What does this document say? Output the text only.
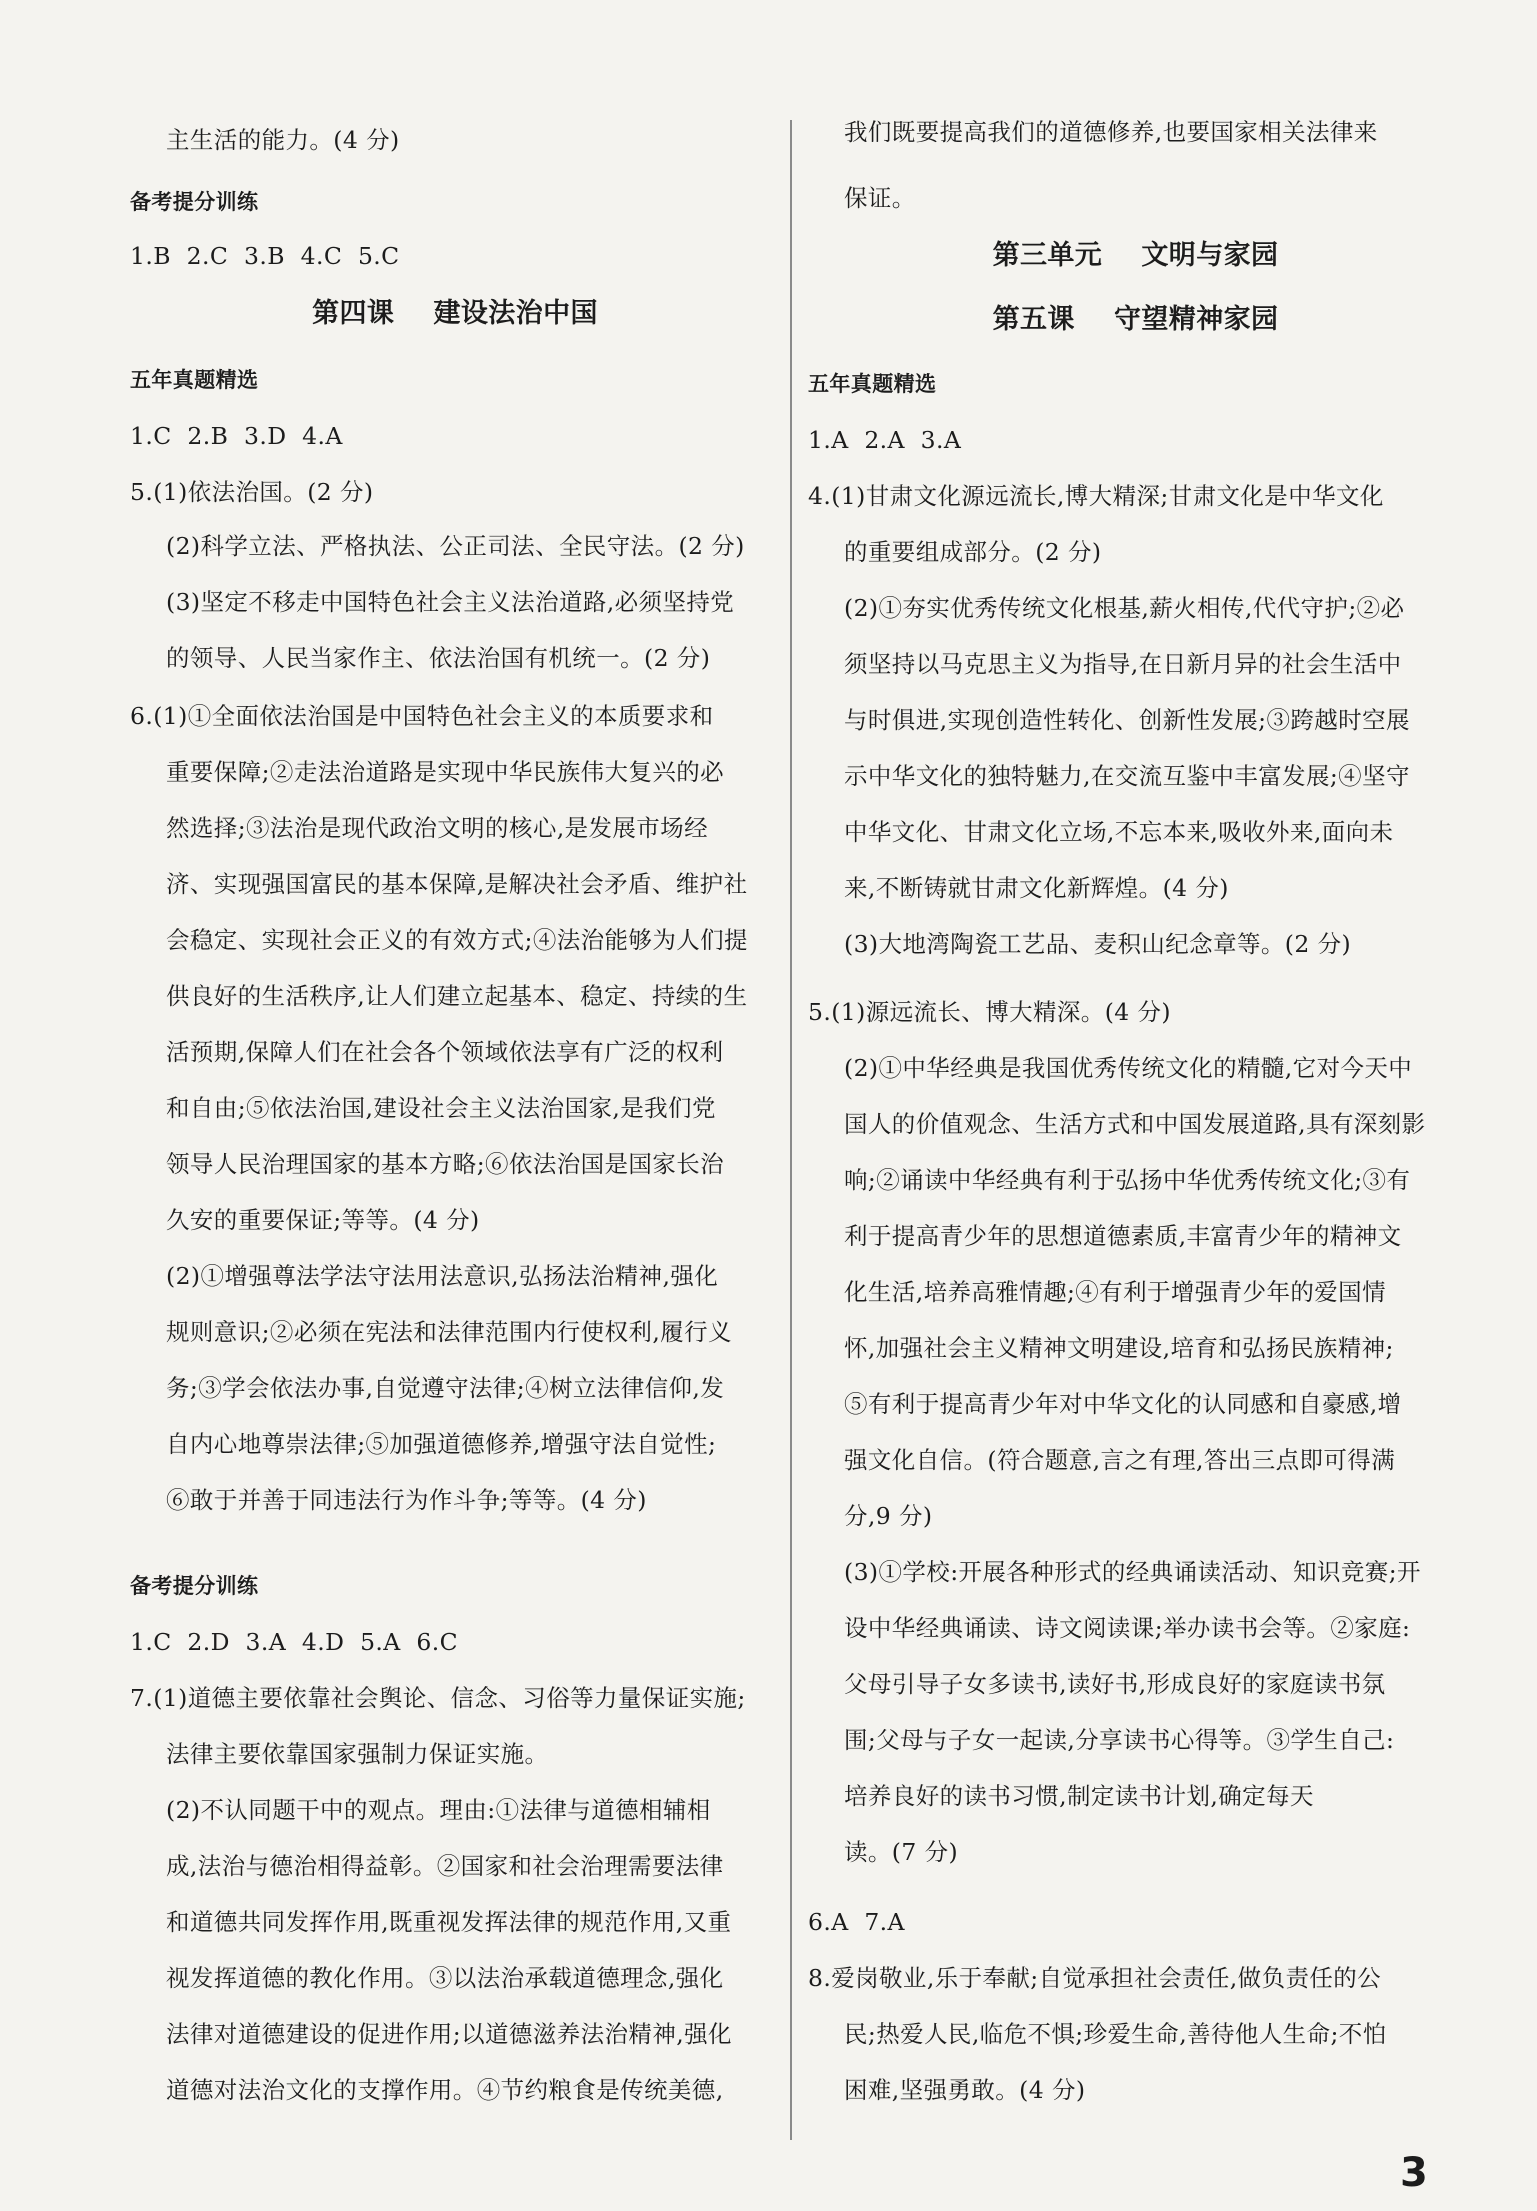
主生活的能力。(4 分)
备考提分训练
1.B  2.C  3.B  4.C  5.C
第四课    建设法治中国
五年真题精选
1.C  2.B  3.D  4.A
5.(1)依法治国。(2 分)
(2)科学立法、严格执法、公正司法、全民守法。(2 分)
(3)坚定不移走中国特色社会主义法治道路,必须坚持党
的领导、人民当家作主、依法治国有机统一。(2 分)
6.(1)①全面依法治国是中国特色社会主义的本质要求和
重要保障;②走法治道路是实现中华民族伟大复兴的必
然选择;③法治是现代政治文明的核心,是发展市场经
济、实现强国富民的基本保障,是解决社会矛盾、维护社
会稳定、实现社会正义的有效方式;④法治能够为人们提
供良好的生活秩序,让人们建立起基本、稳定、持续的生
活预期,保障人们在社会各个领域依法享有广泛的权利
和自由;⑤依法治国,建设社会主义法治国家,是我们党
领导人民治理国家的基本方略;⑥依法治国是国家长治
久安的重要保证;等等。(4 分)
(2)①增强尊法学法守法用法意识,弘扬法治精神,强化
规则意识;②必须在宪法和法律范围内行使权利,履行义
务;③学会依法办事,自觉遵守法律;④树立法律信仰,发
自内心地尊崇法律;⑤加强道德修养,增强守法自觉性;
⑥敢于并善于同违法行为作斗争;等等。(4 分)
备考提分训练
1.C  2.D  3.A  4.D  5.A  6.C
7.(1)道德主要依靠社会舆论、信念、习俗等力量保证实施;
法律主要依靠国家强制力保证实施。
(2)不认同题干中的观点。理由:①法律与道德相辅相
成,法治与德治相得益彰。②国家和社会治理需要法律
和道德共同发挥作用,既重视发挥法律的规范作用,又重
视发挥道德的教化作用。③以法治承载道德理念,强化
法律对道德建设的促进作用;以道德滋养法治精神,强化
道德对法治文化的支撑作用。④节约粮食是传统美德,
我们既要提高我们的道德修养,也要国家相关法律来
保证。
第三单元    文明与家园
第五课    守望精神家园
五年真题精选
1.A  2.A  3.A
4.(1)甘肃文化源远流长,博大精深;甘肃文化是中华文化
的重要组成部分。(2 分)
(2)①夯实优秀传统文化根基,薪火相传,代代守护;②必
须坚持以马克思主义为指导,在日新月异的社会生活中
与时俱进,实现创造性转化、创新性发展;③跨越时空展
示中华文化的独特魅力,在交流互鉴中丰富发展;④坚守
中华文化、甘肃文化立场,不忘本来,吸收外来,面向未
来,不断铸就甘肃文化新辉煌。(4 分)
(3)大地湾陶瓷工艺品、麦积山纪念章等。(2 分)
5.(1)源远流长、博大精深。(4 分)
(2)①中华经典是我国优秀传统文化的精髓,它对今天中
国人的价值观念、生活方式和中国发展道路,具有深刻影
响;②诵读中华经典有利于弘扬中华优秀传统文化;③有
利于提高青少年的思想道德素质,丰富青少年的精神文
化生活,培养高雅情趣;④有利于增强青少年的爱国情
怀,加强社会主义精神文明建设,培育和弘扬民族精神;
⑤有利于提高青少年对中华文化的认同感和自豪感,增
强文化自信。(符合题意,言之有理,答出三点即可得满
分,9 分)
(3)①学校:开展各种形式的经典诵读活动、知识竞赛;开
设中华经典诵读、诗文阅读课;举办读书会等。②家庭:
父母引导子女多读书,读好书,形成良好的家庭读书氛
围;父母与子女一起读,分享读书心得等。③学生自己:
培养良好的读书习惯,制定读书计划,确定每天
读。(7 分)
6.A  7.A
8.爱岗敬业,乐于奉献;自觉承担社会责任,做负责任的公
民;热爱人民,临危不惧;珍爱生命,善待他人生命;不怕
困难,坚强勇敢。(4 分)
3
